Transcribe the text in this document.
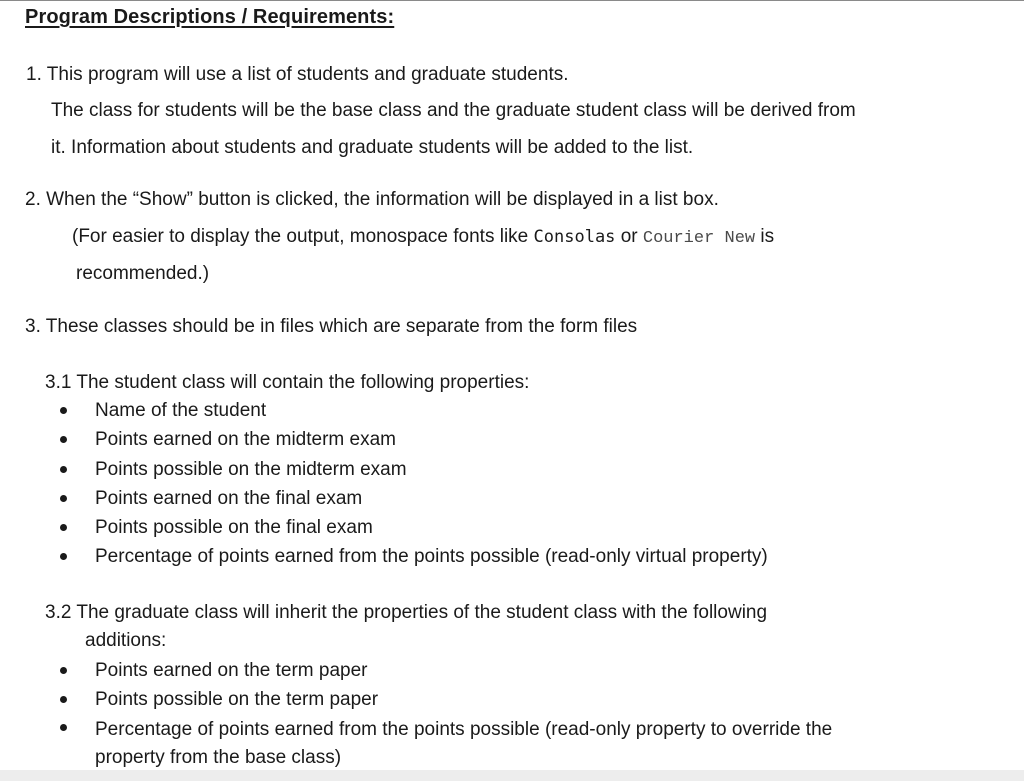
Program Descriptions / Requirements:
1. This program will use a list of students and graduate students.
The class for students will be the base class and the graduate student class will be derived from
it. Information about students and graduate students will be added to the list.
2. When the “Show” button is clicked, the information will be displayed in a list box.
(For easier to display the output, monospace fonts like Consolas or Courier New is
recommended.)
3. These classes should be in files which are separate from the form files
3.1 The student class will contain the following properties:
Name of the student
Points earned on the midterm exam
Points possible on the midterm exam
Points earned on the final exam
Points possible on the final exam
Percentage of points earned from the points possible (read-only virtual property)
3.2 The graduate class will inherit the properties of the student class with the following
additions:
Points earned on the term paper
Points possible on the term paper
Percentage of points earned from the points possible (read-only property to override the property from the base class)
